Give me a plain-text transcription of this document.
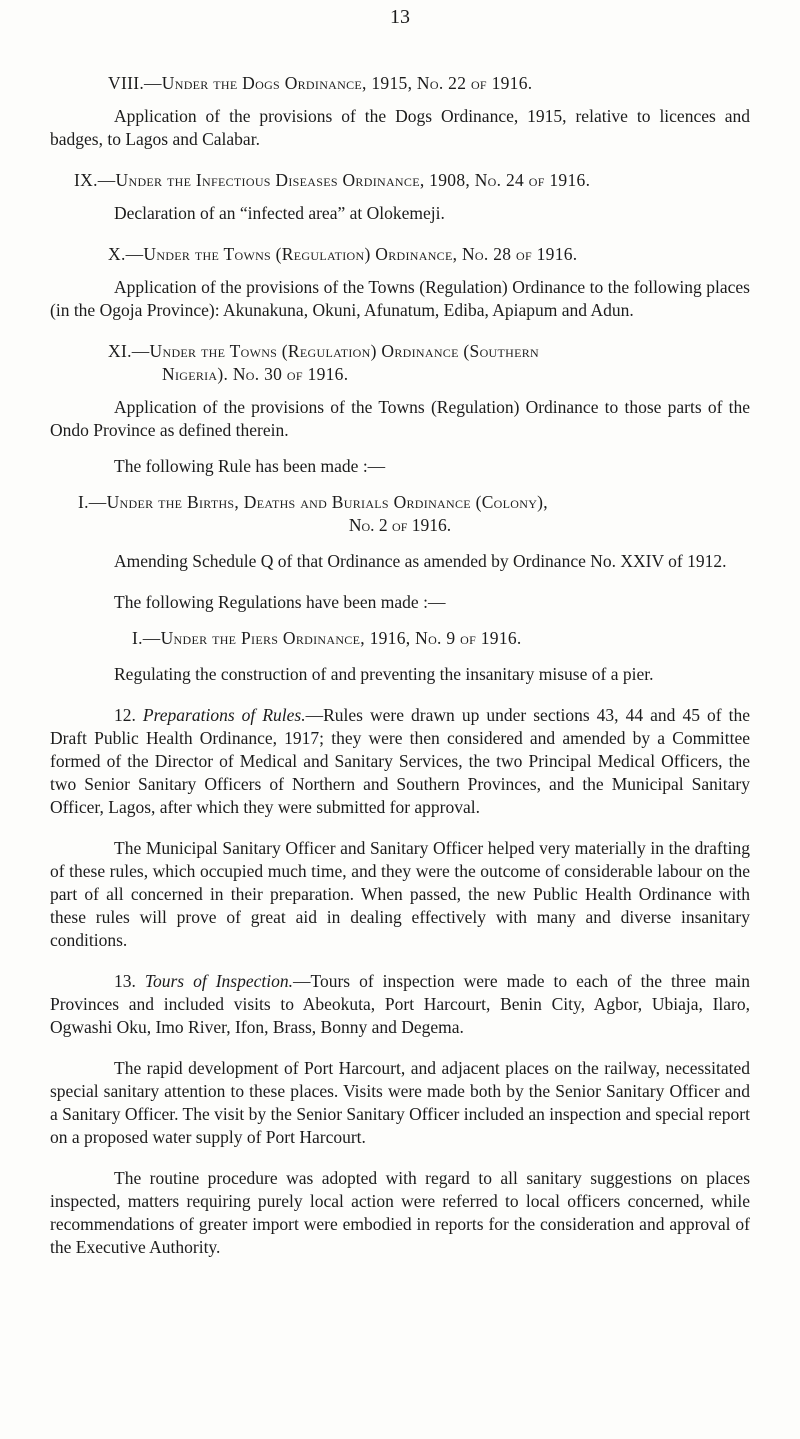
13

VIII.—Under the Dogs Ordinance, 1915, No. 22 of 1916.

Application of the provisions of the Dogs Ordinance, 1915, relative to licences and badges, to Lagos and Calabar.

IX.—Under the Infectious Diseases Ordinance, 1908, No. 24 of 1916.

Declaration of an “infected area” at Olokemeji.

X.—Under the Towns (Regulation) Ordinance, No. 28 of 1916.

Application of the provisions of the Towns (Regulation) Ordinance to the following places (in the Ogoja Province): Akunakuna, Okuni, Afunatum, Ediba, Apiapum and Adun.

XI.—Under the Towns (Regulation) Ordinance (Southern

Nigeria). No. 30 of 1916.

Application of the provisions of the Towns (Regulation) Ordinance to those parts of the Ondo Province as defined therein.

The following Rule has been made :—

I.—Under the Births, Deaths and Burials Ordinance (Colony),

No. 2 of 1916.

Amending Schedule Q of that Ordinance as amended by Ordinance No. XXIV of 1912.

The following Regulations have been made :—

I.—Under the Piers Ordinance, 1916, No. 9 of 1916.

Regulating the construction of and preventing the insanitary misuse of a pier.

12. Preparations of Rules.—Rules were drawn up under sections 43, 44 and 45 of the Draft Public Health Ordinance, 1917; they were then considered and amended by a Committee formed of the Director of Medical and Sanitary Services, the two Principal Medical Officers, the two Senior Sanitary Officers of Northern and Southern Provinces, and the Municipal Sanitary Officer, Lagos, after which they were submitted for approval.

The Municipal Sanitary Officer and Sanitary Officer helped very materially in the drafting of these rules, which occupied much time, and they were the outcome of considerable labour on the part of all concerned in their preparation. When passed, the new Public Health Ordinance with these rules will prove of great aid in dealing effectively with many and diverse insanitary conditions.

13. Tours of Inspection.—Tours of inspection were made to each of the three main Provinces and included visits to Abeokuta, Port Harcourt, Benin City, Agbor, Ubiaja, Ilaro, Ogwashi Oku, Imo River, Ifon, Brass, Bonny and Degema.

The rapid development of Port Harcourt, and adjacent places on the railway, necessitated special sanitary attention to these places. Visits were made both by the Senior Sanitary Officer and a Sanitary Officer. The visit by the Senior Sanitary Officer included an inspection and special report on a proposed water supply of Port Harcourt.

The routine procedure was adopted with regard to all sanitary suggestions on places inspected, matters requiring purely local action were referred to local officers concerned, while recommendations of greater import were embodied in reports for the consideration and approval of the Executive Authority.
